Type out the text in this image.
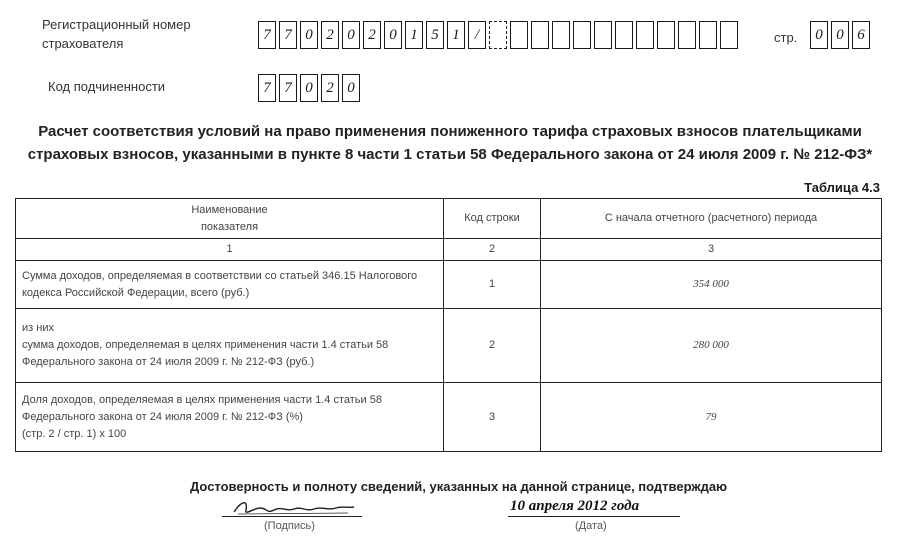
Регистрационный номер
страхователя
7 7 0 2 0 2 0 1 5 1	/	стр.	0 0 6
Код подчиненности	7 7 0 2 0
Расчет соответствия условий на право применения пониженного тарифа страховых взносов плательщиками
страховых взносов, указанными в пункте 8 части 1 статьи 58 Федерального закона от 24 июля 2009 г. № 212-ФЗ*
Таблица 4.3
Наименование
показателя	Код строки	С начала отчетного (расчетного) периода
1	2	3

Сумма доходов, определяемая в соответствии со статьей 346.15 Налогового
кодекса Российской Федерации, всего (руб.)	1	354 000

из них
сумма доходов, определяемая в целях применения части 1.4 статьи 58
Федерального закона от 24 июля 2009 г. № 212-ФЗ (руб.)	2	280 000

Доля доходов, определяемая в целях применения части 1.4 статьи 58
Федерального закона от 24 июля 2009 г. № 212-ФЗ (%)
(стр. 2 / стр. 1) x 100	3	79
Достоверность и полноту сведений, указанных на данной странице, подтверждаю
(Подпись)
10 апреля 2012 года
(Дата)
